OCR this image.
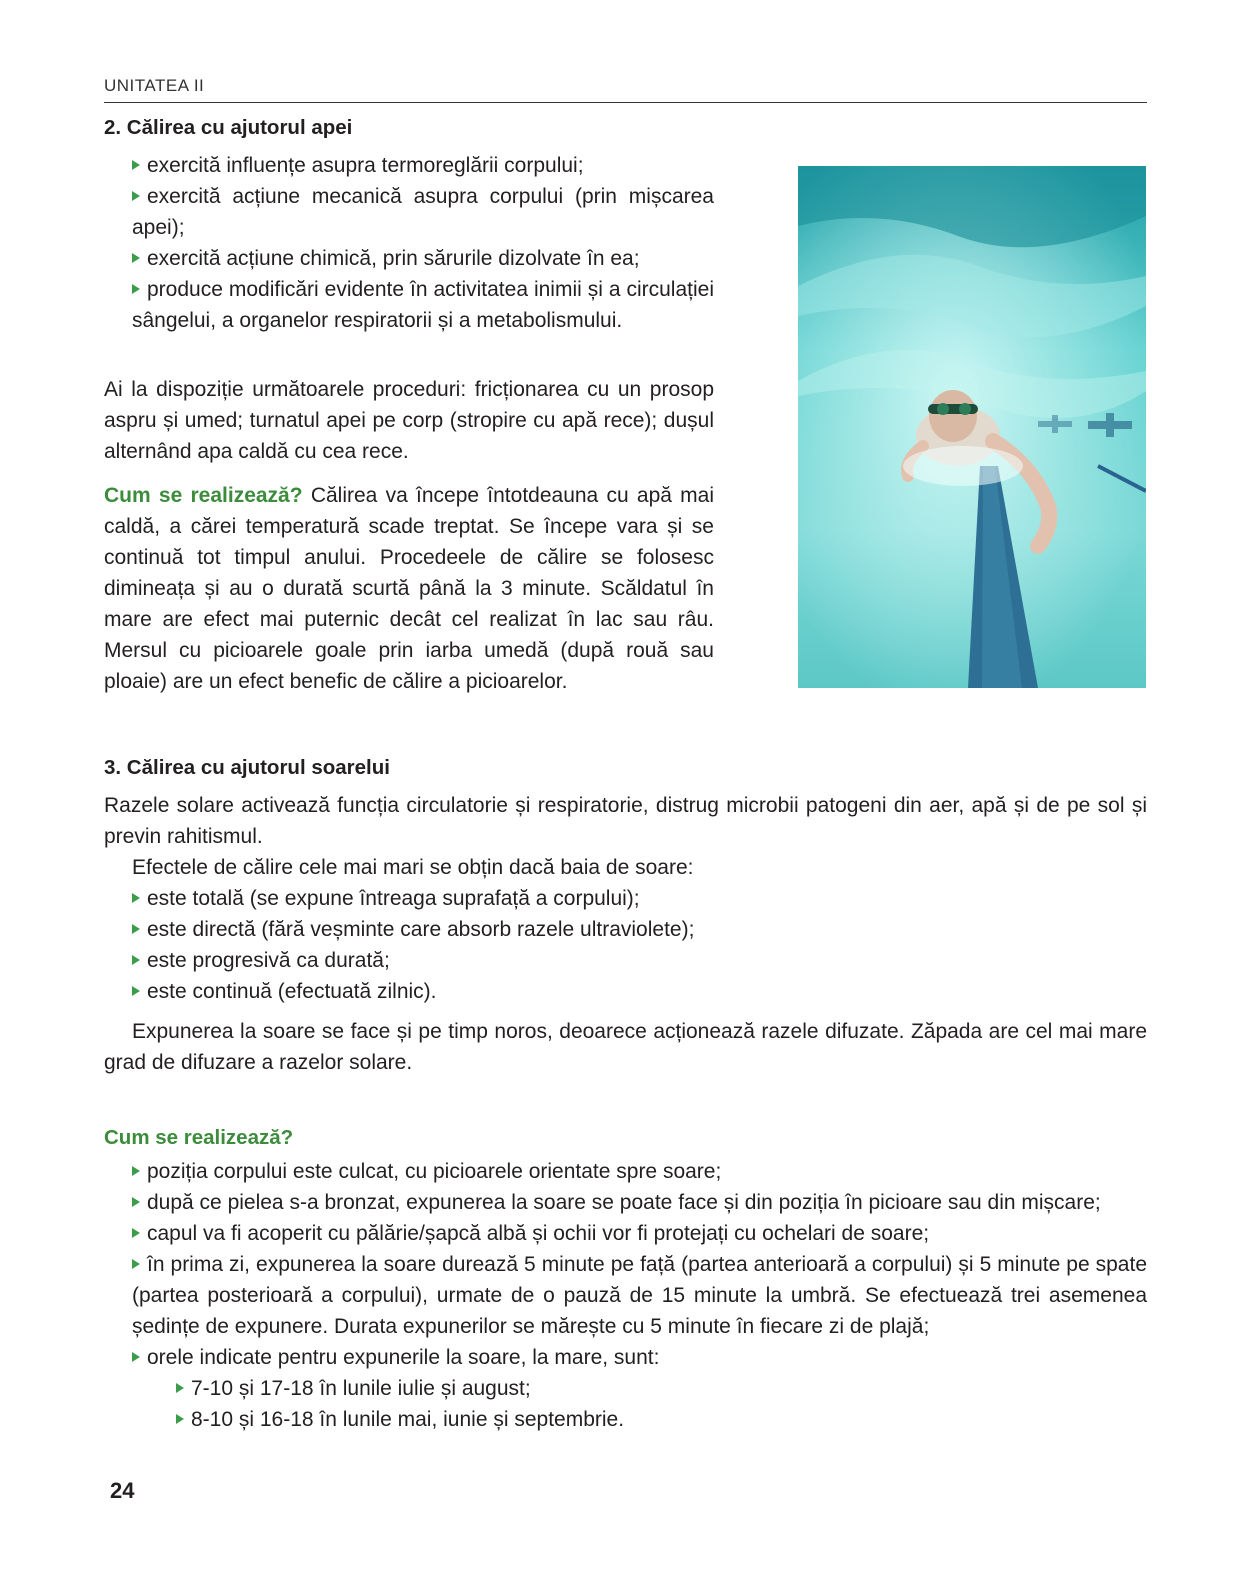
UNITATEA II
2. Călirea cu ajutorul apei
exercită influențe asupra termoreglării corpului;
exercită acțiune mecanică asupra corpului (prin mișcarea apei);
exercită acțiune chimică, prin sărurile dizolvate în ea;
produce modificări evidente în activitatea inimii și a circulației sângelui, a organelor respiratorii și a metabolismului.

Ai la dispoziție următoarele proceduri: fricționarea cu un prosop aspru și umed; turnatul apei pe corp (stropire cu apă rece); dușul alternând apa caldă cu cea rece.

Cum se realizează? Călirea va începe întotdeauna cu apă mai caldă, a cărei temperatură scade treptat. Se începe vara și se continuă tot timpul anului. Procedeele de călire se folosesc dimineața și au o durată scurtă până la 3 minute. Scăldatul în mare are efect mai puternic decât cel realizat în lac sau râu. Mersul cu picioarele goale prin iarba umedă (după rouă sau ploaie) are un efect benefic de călire a picioarelor.

3. Călirea cu ajutorul soarelui

Razele solare activează funcția circulatorie și respiratorie, distrug microbii patogeni din aer, apă și de pe sol și previn rahitismul.

Efectele de călire cele mai mari se obțin dacă baia de soare:

este totală (se expune întreaga suprafață a corpului);
este directă (fără veșminte care absorb razele ultraviolete);
este progresivă ca durată;
este continuă (efectuată zilnic).

Expunerea la soare se face și pe timp noros, deoarece acționează razele difuzate. Zăpada are cel mai mare grad de difuzare a razelor solare.

Cum se realizează?
poziția corpului este culcat, cu picioarele orientate spre soare;
după ce pielea s-a bronzat, expunerea la soare se poate face și din poziția în picioare sau din mișcare;
capul va fi acoperit cu pălărie/șapcă albă și ochii vor fi protejați cu ochelari de soare;
în prima zi, expunerea la soare durează 5 minute pe față (partea anterioară a corpului) și 5 minute pe spate (partea posterioară a corpului), urmate de o pauză de 15 minute la umbră. Se efectuează trei asemenea ședințe de expunere. Durata expunerilor se mărește cu 5 minute în fiecare zi de plajă;
orele indicate pentru expunerile la soare, la mare, sunt:
7-10 și 17-18 în lunile iulie și august;
8-10 și 16-18 în lunile mai, iunie și septembrie.
24
